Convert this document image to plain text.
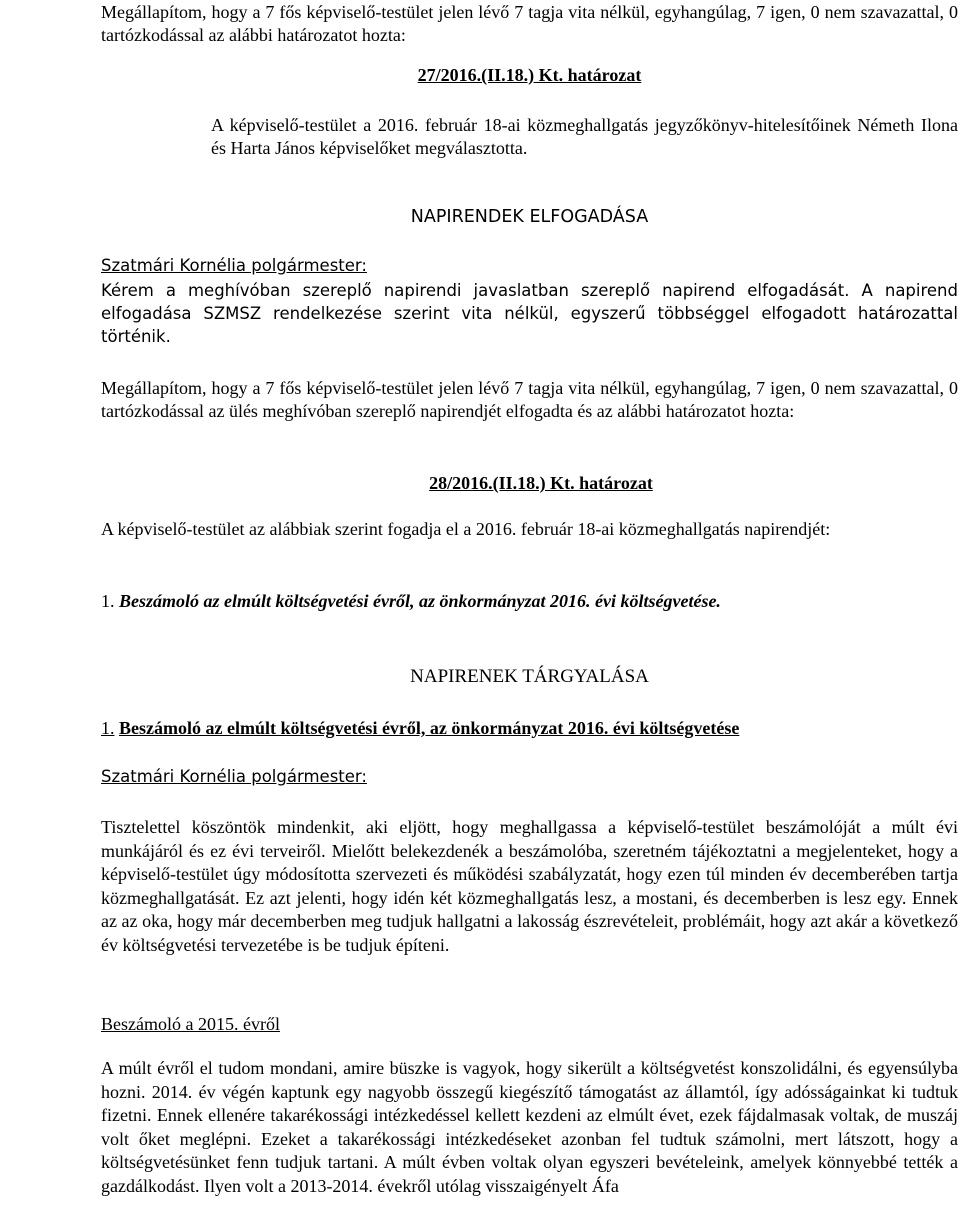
Megállapítom, hogy a 7 fős képviselő-testület jelen lévő 7 tagja vita nélkül, egyhangúlag, 7 igen, 0 nem szavazattal, 0 tartózkodással az alábbi határozatot hozta:

27/2016.(II.18.) Kt. határozat

A képviselő-testület a 2016. február 18-ai közmeghallgatás jegyzőkönyv-hitelesítőinek Németh Ilona és Harta János képviselőket megválasztotta.

NAPIRENDEK ELFOGADÁSA

Szatmári Kornélia polgármester:

Kérem a meghívóban szereplő napirendi javaslatban szereplő napirend elfogadását. A napirend elfogadása SZMSZ rendelkezése szerint vita nélkül, egyszerű többséggel elfogadott határozattal történik.

Megállapítom, hogy a 7 fős képviselő-testület jelen lévő 7 tagja vita nélkül, egyhangúlag, 7 igen, 0 nem szavazattal, 0 tartózkodással az ülés meghívóban szereplő napirendjét elfogadta és az alábbi határozatot hozta:

28/2016.(II.18.) Kt. határozat

A képviselő-testület az alábbiak szerint fogadja el a 2016. február 18-ai közmeghallgatás napirendjét:

1. Beszámoló az elmúlt költségvetési évről, az önkormányzat 2016. évi költségvetése.

NAPIRENEK TÁRGYALÁSA

1. Beszámoló az elmúlt költségvetési évről, az önkormányzat 2016. évi költségvetése

Szatmári Kornélia polgármester:

Tisztelettel köszöntök mindenkit, aki eljött, hogy meghallgassa a képviselő-testület beszámolóját a múlt évi munkájáról és ez évi terveiről. Mielőtt belekezdenék a beszámolóba, szeretném tájékoztatni a megjelenteket, hogy a képviselő-testület úgy módosította szervezeti és működési szabályzatát, hogy ezen túl minden év decemberében tartja közmeghallgatását. Ez azt jelenti, hogy idén két közmeghallgatás lesz, a mostani, és decemberben is lesz egy. Ennek az az oka, hogy már decemberben meg tudjuk hallgatni a lakosság észrevételeit, problémáit, hogy azt akár a következő év költségvetési tervezetébe is be tudjuk építeni.

Beszámoló a 2015. évről

A múlt évről el tudom mondani, amire büszke is vagyok, hogy sikerült a költségvetést konszolidálni, és egyensúlyba hozni. 2014. év végén kaptunk egy nagyobb összegű kiegészítő támogatást az államtól, így adósságainkat ki tudtuk fizetni. Ennek ellenére takarékossági intézkedéssel kellett kezdeni az elmúlt évet, ezek fájdalmasak voltak, de muszáj volt őket meglépni. Ezeket a takarékossági intézkedéseket azonban fel tudtuk számolni, mert látszott, hogy a költségvetésünket fenn tudjuk tartani. A múlt évben voltak olyan egyszeri bevételeink, amelyek könnyebbé tették a gazdálkodást. Ilyen volt a 2013-2014. évekről utólag visszaigényelt Áfa
